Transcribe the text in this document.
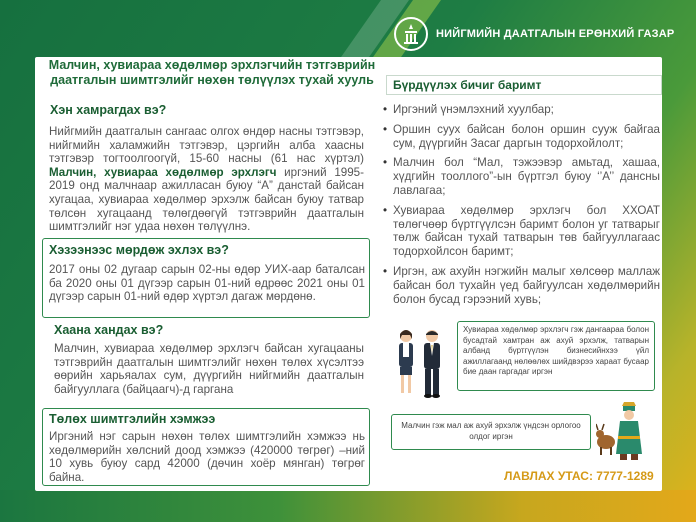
НИЙГМИЙН ДААТГАЛЫН ЕРӨНХИЙ ГАЗАР
Малчин, хувиараа хөдөлмөр эрхлэгчийн тэтгэврийн даатгалын шимтгэлийг нөхөн төлүүлэх тухай хууль
Хэн хамрагдах вэ?
Нийгмийн даатгалын сангаас олгох өндөр насны тэтгэвэр, нийгмийн халамжийн тэтгэвэр, цэргийн алба хаасны тэтгэвэр тогтоолгоогүй, 15-60 насны (61 нас хүртэл) Малчин, хувиараа хөдөлмөр эрхлэгч иргэний 1995-2019 онд малчнаар ажилласан буюу “А” данстай байсан хугацаа, хувиараа хөдөлмөр эрхэлж байсан буюу татвар төлсөн хугацаанд төлөгдөөгүй тэтгэврийн даатгалын шимтгэлийг нэг удаа нөхөн төлүүлнэ.
Хэзээнээс мөрдөж эхлэх вэ?
2017 оны 02 дугаар сарын 02-ны өдөр УИХ-аар баталсан ба 2020 оны 01 дүгээр сарын 01-ний өдрөөс 2021 оны 01 дүгээр сарын 01-ний өдөр хүртэл дагаж мөрдөнө.
Хаана хандах вэ?
Малчин, хувиараа хөдөлмөр эрхлэгч байсан хугацааны тэтгэврийн даатгалын шимтгэлийг нөхөн төлөх хүсэлтээ өөрийн харьяалах сум, дүүргийн нийгмийн даатгалын байгууллага (байцаагч)-д гаргана
Төлөх шимтгэлийн хэмжээ
Иргэний нэг сарын нөхөн төлөх шимтгэлийн хэмжээ нь хөдөлмөрийн хөлсний доод хэмжээ (420000 төгрөг) –ний 10 хувь буюу сард 42000 (дөчин хоёр мянган) төгрөг байна.
Бүрдүүлэх бичиг баримт
• Иргэний үнэмлэхний хуулбар;
• Оршин суух байсан болон оршин сууж байгаа сум, дүүргийн Засаг даргын тодорхойлолт;
• Малчин бол “Мал, тэжээвэр амьтад, хашаа, хүдгийн тооллого”-ын бүртгэл буюу ‘’А’’ дансны лавлагаа;
• Хувиараа хөдөлмөр эрхлэгч бол ХХОАТ төлөгчөөр бүртгүүлсэн баримт болон уг татварыг төлж байсан тухай татварын төв байгууллагаас тодорхойлсон баримт;
• Иргэн, аж ахуйн нэгжийн малыг хөлсөөр маллаж байсан бол тухайн үед байгуулсан хөдөлмөрийн болон бусад гэрээний хувь;
Хувиараа хөдөлмөр эрхлэгч гэж дангаараа болон бусадтай хамтран аж ахуй эрхэлж, татварын албанд бүртгүүлэн бизнесийнхээ үйл ажиллагаанд нөлөөлөх шийдвэрээ харaат бусаар бие даан гаргадаг иргэн
Малчин гэж мал аж ахуй эрхэлж үндсэн орлогоо олдог иргэн
ЛАВЛАХ УТАС: 7777-1289
